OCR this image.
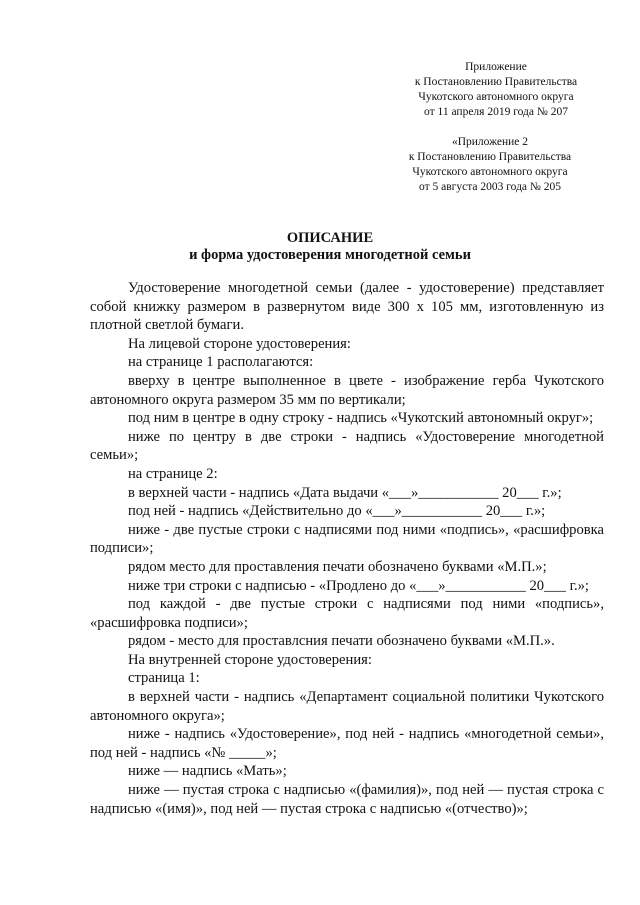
Приложение
к Постановлению Правительства
Чукотского автономного округа
от 11 апреля 2019 года № 207
«Приложение 2
к Постановлению Правительства
Чукотского автономного округа
от 5 августа 2003 года № 205
ОПИСАНИЕ
и форма удостоверения многодетной семьи

Удостоверение многодетной семьи (далее - удостоверение) представляет собой книжку размером в развернутом виде 300 х 105 мм, изготовленную из плотной светлой бумаги.

На лицевой стороне удостоверения:

на странице 1 располагаются:

вверху в центре выполненное в цвете - изображение герба Чукотского автономного округа размером 35 мм по вертикали;

под ним в центре в одну строку - надпись «Чукотский автономный округ»;

ниже по центру в две строки - надпись «Удостоверение многодетной семьи»;

на странице 2:

в верхней части - надпись «Дата выдачи «___»___________ 20___ г.»;

под ней - надпись «Действительно до «___»___________ 20___ г.»;

ниже - две пустые строки с надписями под ними «подпись», «расшифровка подписи»;

рядом место для проставления печати обозначено буквами «М.П.»;

ниже три строки с надписью - «Продлено до «___»___________ 20___ г.»;

под каждой - две пустые строки с надписями под ними «подпись», «расшифровка подписи»;

рядом - место для проставлсния печати обозначено буквами «М.П.».

На внутренней стороне удостоверения:

страница 1:

в верхней части - надпись «Департамент социальной политики Чукотского автономного округа»;

ниже - надпись «Удостоверение», под ней - надпись «многодетной семьи», под ней - надпись «№ _____»;

ниже — надпись «Мать»;

ниже — пустая строка с надписью «(фамилия)», под ней — пустая строка с надписью «(имя)», под ней — пустая строка с надписью «(отчество)»;
